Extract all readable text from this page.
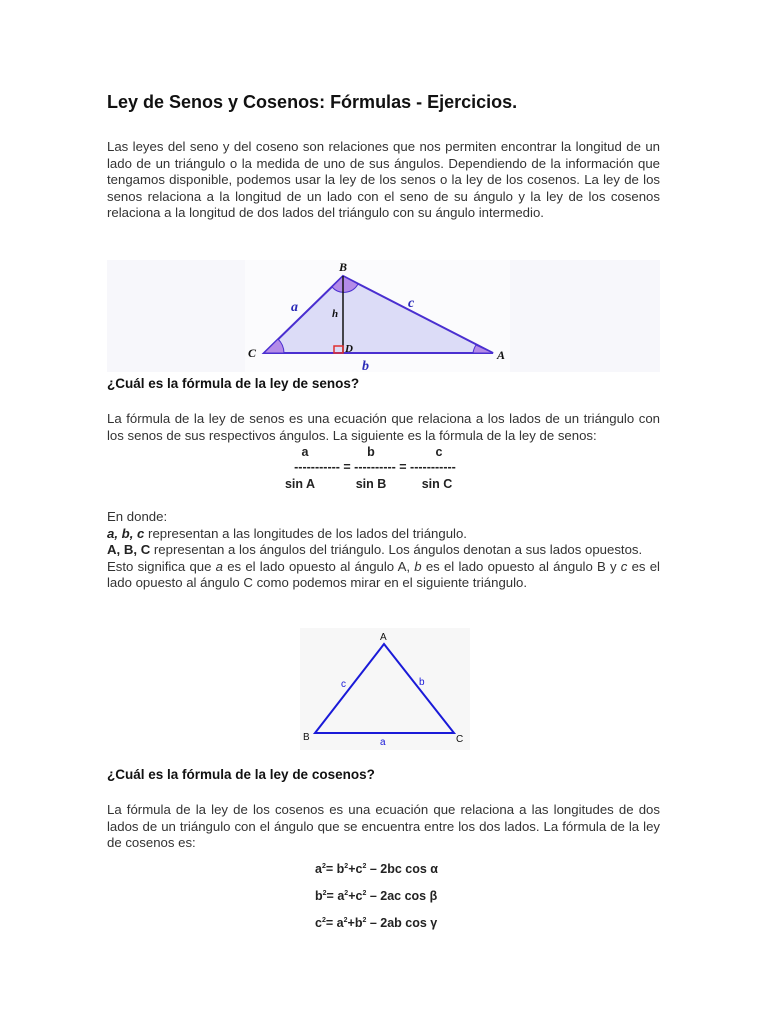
Ley de Senos y Cosenos: Fórmulas - Ejercicios.

Las leyes del seno y del coseno son relaciones que nos permiten encontrar la longitud de un lado de un triángulo o la medida de uno de sus ángulos. Dependiendo de la información que tengamos disponible, podemos usar la ley de los senos o la ley de los cosenos. La ley de los senos relaciona a la longitud de un lado con el seno de su ángulo y la ley de los cosenos relaciona a la longitud de dos lados del triángulo con su ángulo intermedio.

B
C	A
D
h
a	c
b

¿Cuál es la fórmula de la ley de senos?

La fórmula de la ley de senos es una ecuación que relaciona a los lados de un triángulo con los senos de sus respectivos ángulos. La siguiente es la fórmula de la ley de senos:

a	b	c
----------- = ---------- = -----------
sin A	sin B	sin C
En donde:
a, b, c representan a las longitudes de los lados del triángulo.
A, B, C representan a los ángulos del triángulo. Los ángulos denotan a sus lados opuestos.
Esto significa que a es el lado opuesto al ángulo A, b es el lado opuesto al ángulo B y c es el lado opuesto al ángulo C como podemos mirar en el siguiente triángulo.
A
B	C
a
b
c

¿Cuál es la fórmula de la ley de cosenos?

La fórmula de la ley de los cosenos es una ecuación que relaciona a las longitudes de dos lados de un triángulo con el ángulo que se encuentra entre los dos lados. La fórmula de la ley de cosenos es:

$a^2= b^2+c^2 - 2bc$ cos α
$b^2= a^2+c^2 - 2ac$ cos β
$c^2= a^2+b^2 - 2ab$ cos γ
